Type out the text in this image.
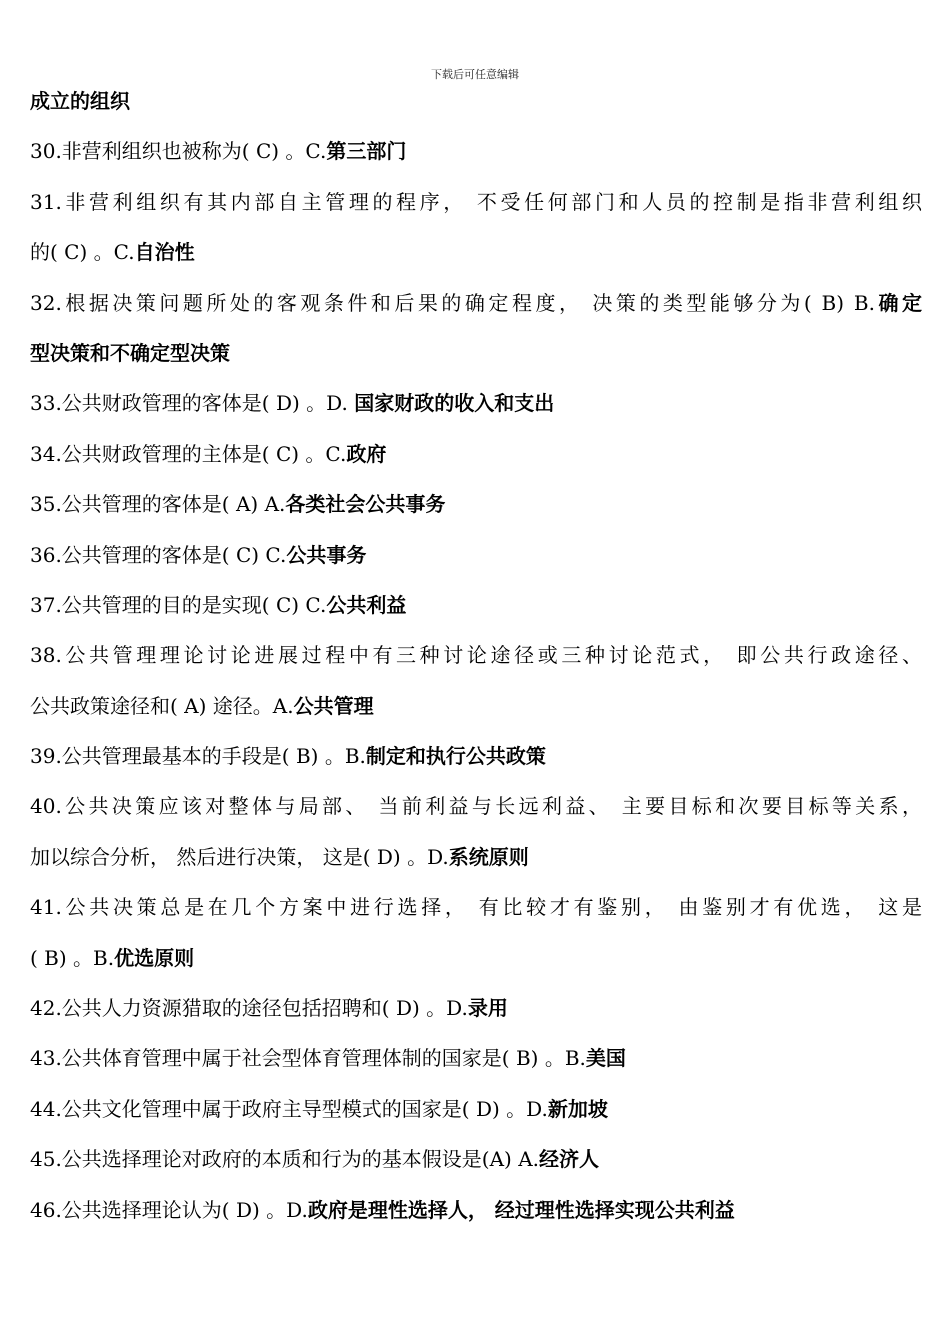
下载后可任意编辑
成立的组织
30.非营利组织也被称为( C) 。C.第三部门
31.非营利组织有其内部自主管理的程序， 不受任何部门和人员的控制是指非营利组织
的( C) 。C.自治性
32.根据决策问题所处的客观条件和后果的确定程度， 决策的类型能够分为( B) B.确定
型决策和不确定型决策
33.公共财政管理的客体是( D) 。D. 国家财政的收入和支出
34.公共财政管理的主体是( C) 。C.政府
35.公共管理的客体是( A) A.各类社会公共事务
36.公共管理的客体是( C) C.公共事务
37.公共管理的目的是实现( C) C.公共利益
38.公共管理理论讨论进展过程中有三种讨论途径或三种讨论范式， 即公共行政途径、
公共政策途径和( A) 途径。A.公共管理
39.公共管理最基本的手段是( B) 。B.制定和执行公共政策
40.公共决策应该对整体与局部、 当前利益与长远利益、 主要目标和次要目标等关系，
加以综合分析， 然后进行决策， 这是( D) 。D.系统原则
41.公共决策总是在几个方案中进行选择， 有比较才有鉴别， 由鉴别才有优选， 这是
( B) 。B.优选原则
42.公共人力资源猎取的途径包括招聘和( D) 。D.录用
43.公共体育管理中属于社会型体育管理体制的国家是( B) 。B.美国
44.公共文化管理中属于政府主导型模式的国家是( D) 。D.新加坡
45.公共选择理论对政府的本质和行为的基本假设是(A) A.经济人
46.公共选择理论认为( D) 。D.政府是理性选择人， 经过理性选择实现公共利益
